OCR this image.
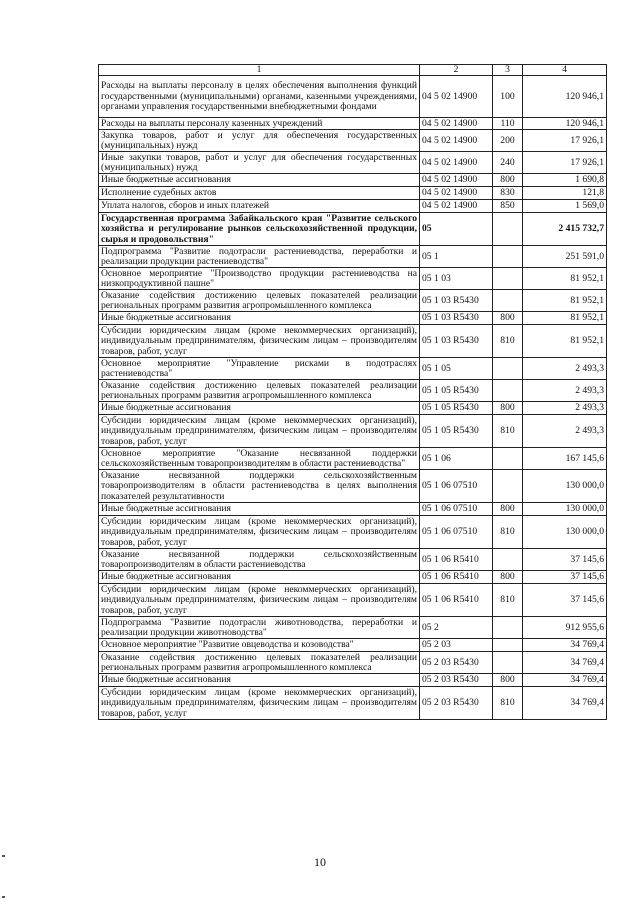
1	2	3	4
Расходы на выплаты персоналу в целях обеспечения выполнения функций государственными (муниципальными) органами, казенными учреждениями, органами управления государственными внебюджетными фондами	04 5 02 14900	100	120 946,1
Расходы на выплаты персоналу казенных учреждений	04 5 02 14900	110	120 946,1
Закупка товаров, работ и услуг для обеспечения государственных (муниципальных) нужд	04 5 02 14900	200	17 926,1
Иные закупки товаров, работ и услуг для обеспечения государственных (муниципальных) нужд	04 5 02 14900	240	17 926,1
Иные бюджетные ассигнования	04 5 02 14900	800	1 690,8
Исполнение судебных актов	04 5 02 14900	830	121,8
Уплата налогов, сборов и иных платежей	04 5 02 14900	850	1 569,0
Государственная программа Забайкальского края "Развитие сельского хозяйства и регулирование рынков сельскохозяйственной продукции, сырья и продовольствия"	05		2 415 732,7
Подпрограмма "Развитие подотрасли растениеводства, переработки и реализации продукции растениеводства"	05 1		251 591,0
Основное мероприятие "Производство продукции растениеводства на низкопродуктивной пашне"	05 1 03		81 952,1
Оказание содействия достижению целевых показателей реализации региональных программ развития агропромышленного комплекса	05 1 03 R5430		81 952,1
Иные бюджетные ассигнования	05 1 03 R5430	800	81 952,1
Субсидии юридическим лицам (кроме некоммерческих организаций), индивидуальным предпринимателям, физическим лицам – производителям товаров, работ, услуг	05 1 03 R5430	810	81 952,1
Основное мероприятие "Управление рисками в подотраслях растениеводства"	05 1 05		2 493,3
Оказание содействия достижению целевых показателей реализации региональных программ развития агропромышленного комплекса	05 1 05 R5430		2 493,3
Иные бюджетные ассигнования	05 1 05 R5430	800	2 493,3
Субсидии юридическим лицам (кроме некоммерческих организаций), индивидуальным предпринимателям, физическим лицам – производителям товаров, работ, услуг	05 1 05 R5430	810	2 493,3
Основное мероприятие "Оказание несвязанной поддержки сельскохозяйственным товаропроизводителям в области растениеводства"	05 1 06		167 145,6
Оказание несвязанной поддержки сельскохозяйственным товаропроизводителям в области растениеводства в целях выполнения показателей результативности	05 1 06 07510		130 000,0
Иные бюджетные ассигнования	05 1 06 07510	800	130 000,0
Субсидии юридическим лицам (кроме некоммерческих организаций), индивидуальным предпринимателям, физическим лицам – производителям товаров, работ, услуг	05 1 06 07510	810	130 000,0
Оказание несвязанной поддержки сельскохозяйственным товаропроизводителям в области растениеводства	05 1 06 R5410		37 145,6
Иные бюджетные ассигнования	05 1 06 R5410	800	37 145,6
Субсидии юридическим лицам (кроме некоммерческих организаций), индивидуальным предпринимателям, физическим лицам – производителям товаров, работ, услуг	05 1 06 R5410	810	37 145,6
Подпрограмма "Развитие подотрасли животноводства, переработки и реализации продукции животноводства"	05 2		912 955,6
Основное мероприятие "Развитие овцеводства и козоводства"	05 2 03		34 769,4
Оказание содействия достижению целевых показателей реализации региональных программ развития агропромышленного комплекса	05 2 03 R5430		34 769,4
Иные бюджетные ассигнования	05 2 03 R5430	800	34 769,4
Субсидии юридическим лицам (кроме некоммерческих организаций), индивидуальным предпринимателям, физическим лицам – производителям товаров, работ, услуг	05 2 03 R5430	810	34 769,4
10
